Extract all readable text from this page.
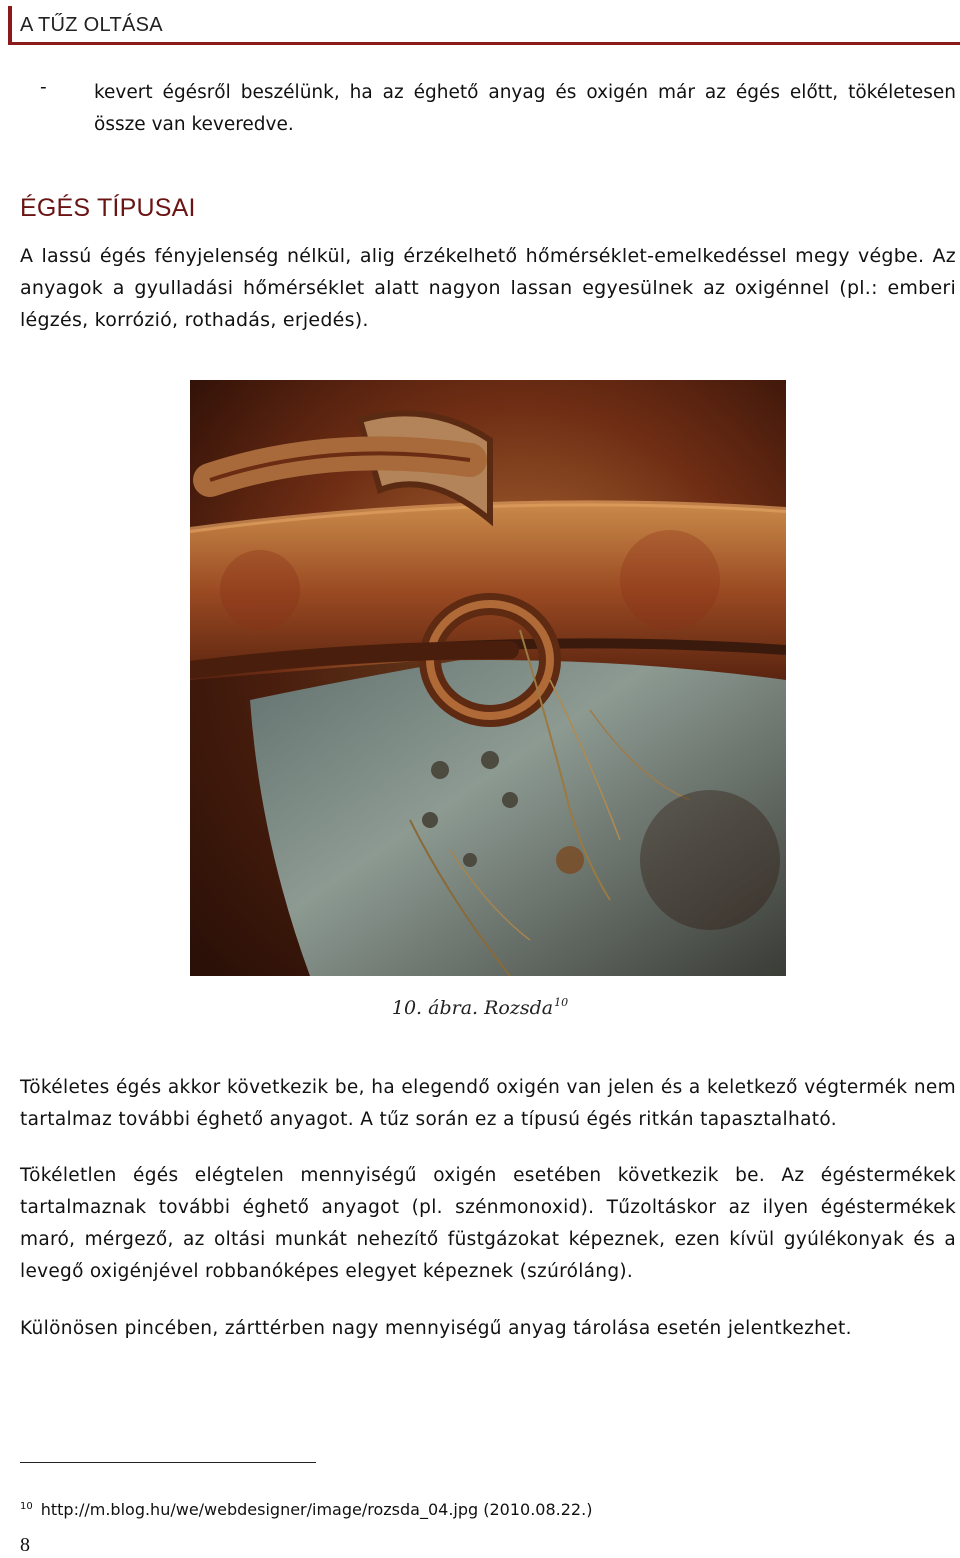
A TŰZ OLTÁSA
-	kevert égésről beszélünk, ha az éghető anyag és oxigén már az égés előtt, tökéletesen össze van keveredve.
ÉGÉS TÍPUSAI
A lassú égés fényjelenség nélkül, alig érzékelhető hőmérséklet-emelkedéssel megy végbe. Az anyagok a gyulladási hőmérséklet alatt nagyon lassan egyesülnek az oxigénnel (pl.: emberi légzés, korrózió, rothadás, erjedés).
10. ábra. Rozsda$^{10}$
Tökéletes égés akkor következik be, ha elegendő oxigén van jelen és a keletkező végtermék nem tartalmaz további éghető anyagot. A tűz során ez a típusú égés ritkán tapasztalható.
Tökéletlen égés elégtelen mennyiségű oxigén esetében következik be. Az égéstermékek tartalmaznak további éghető anyagot (pl. szénmonoxid). Tűzoltáskor az ilyen égéstermékek maró, mérgező, az oltási munkát nehezítő füstgázokat képeznek, ezen kívül gyúlékonyak és a levegő oxigénjével robbanóképes elegyet képeznek (szúróláng).
Különösen pincében, zárttérben nagy mennyiségű anyag tárolása esetén jelentkezhet.
$^{10}$ http://m.blog.hu/we/webdesigner/image/rozsda_04.jpg (2010.08.22.)
8
